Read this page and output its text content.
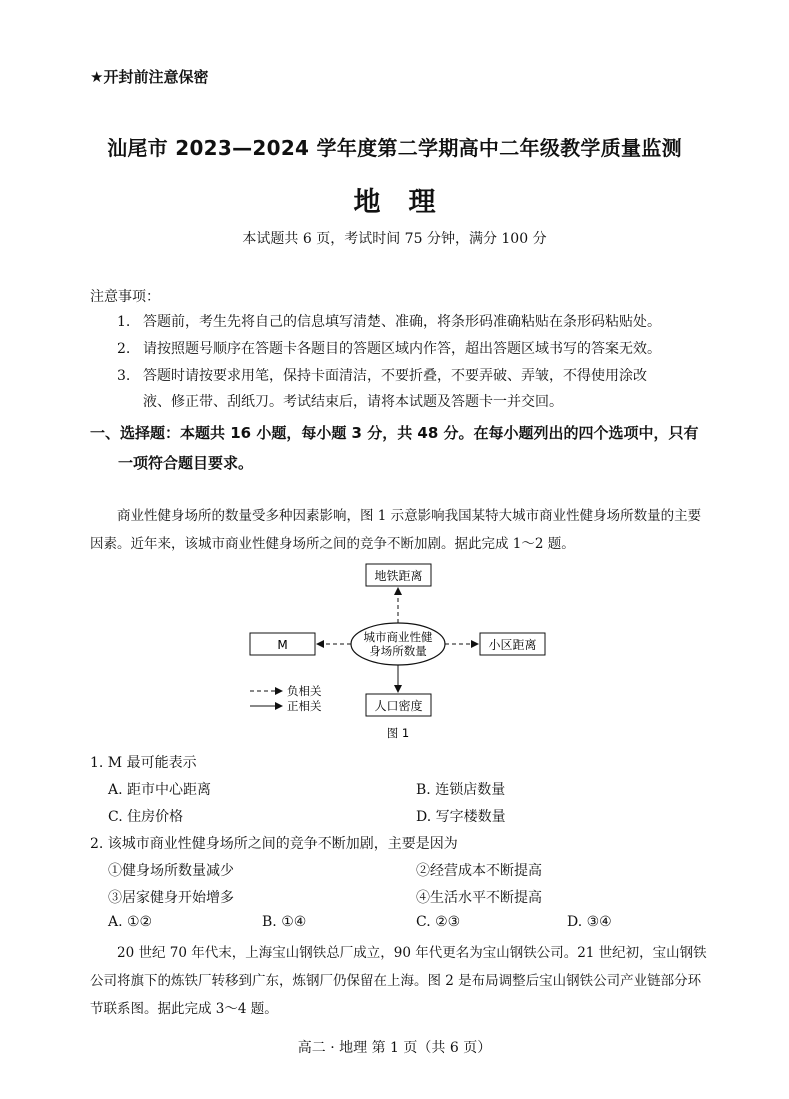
★开封前注意保密
汕尾市 2023—2024 学年度第二学期高中二年级教学质量监测
地理
本试题共 6 页，考试时间 75 分钟，满分 100 分
注意事项：
1. 答题前，考生先将自己的信息填写清楚、准确，将条形码准确粘贴在条形码粘贴处。
2. 请按照题号顺序在答题卡各题目的答题区域内作答，超出答题区域书写的答案无效。
3. 答题时请按要求用笔，保持卡面清洁，不要折叠，不要弄破、弄皱，不得使用涂改
液、修正带、刮纸刀。考试结束后，请将本试题及答题卡一并交回。
一、选择题：本题共 16 小题，每小题 3 分，共 48 分。在每小题列出的四个选项中，只有
一项符合题目要求。
商业性健身场所的数量受多种因素影响，图 1 示意影响我国某特大城市商业性健身场所数量的主要因素。近年来，该城市商业性健身场所之间的竞争不断加剧。据此完成 1～2 题。
地铁距离
M	小区距离
人口密度
城市商业性健
身场所数量
负相关
正相关
图 1
1. M 最可能表示
A. 距市中心距离	B. 连锁店数量
C. 住房价格	D. 写字楼数量
2. 该城市商业性健身场所之间的竞争不断加剧，主要是因为
①健身场所数量减少	②经营成本不断提高
③居家健身开始增多	④生活水平不断提高
A. ①②	B. ①④	C. ②③	D. ③④
20 世纪 70 年代末，上海宝山钢铁总厂成立，90 年代更名为宝山钢铁公司。21 世纪初，宝山钢铁公司将旗下的炼铁厂转移到广东，炼钢厂仍保留在上海。图 2 是布局调整后宝山钢铁公司产业链部分环节联系图。据此完成 3～4 题。
高二 · 地理 第 1 页（共 6 页）
